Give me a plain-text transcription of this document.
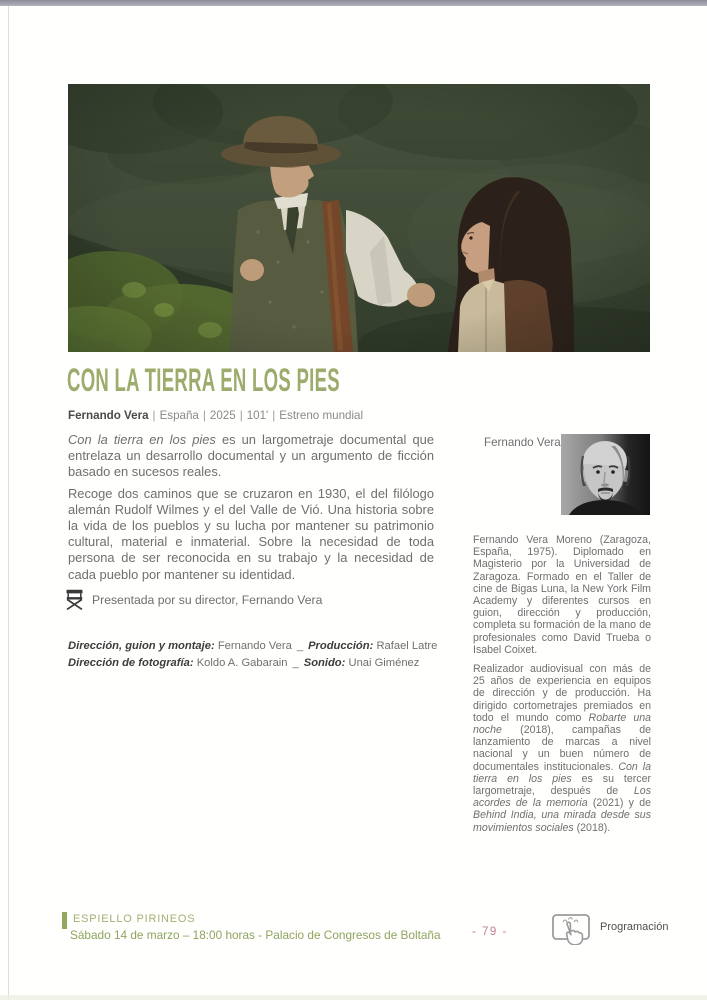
CON LA TIERRA EN LOS PIES
Fernando Vera | España | 2025 | 101' | Estreno mundial

Con la tierra en los pies es un largometraje documental que entrelaza un desarrollo documental y un argumento de ficción basado en sucesos reales.

Recoge dos caminos que se cruzaron en 1930, el del filólogo alemán Rudolf Wilmes y el del Valle de Vió. Una historia sobre la vida de los pueblos y su lucha por mantener su patrimonio cultural, material e inmaterial. Sobre la necesidad de toda persona de ser reconocida en su trabajo y la necesidad de cada pueblo por mantener su identidad.

Presentada por su director, Fernando Vera
Dirección, guion y montaje: Fernando Vera _ Producción: Rafael Latre
Dirección de fotografía: Koldo A. Gabarain _ Sonido: Unai Giménez
Fernando Vera

Fernando Vera Moreno (Zaragoza, España, 1975). Diplomado en Magisterio por la Universidad de Zaragoza. Formado en el Taller de cine de Bigas Luna, la New York Film Academy y diferentes cursos en guion, dirección y producción, completa su formación de la mano de profesionales como David Trueba o Isabel Coixet.

Realizador audiovisual con más de 25 años de experiencia en equipos de dirección y de producción. Ha dirigido cortometrajes premiados en todo el mundo como Robarte una noche (2018), campañas de lanzamiento de marcas a nivel nacional y un buen número de documentales institucionales. Con la tierra en los pies es su tercer largometraje, después de Los acordes de la memoria (2021) y de Behind India, una mirada desde sus movimientos sociales (2018).

ESPIELLO PIRINEOS
Sábado 14 de marzo – 18:00 horas - Palacio de Congresos de Boltaña	- 79 -	Programación
